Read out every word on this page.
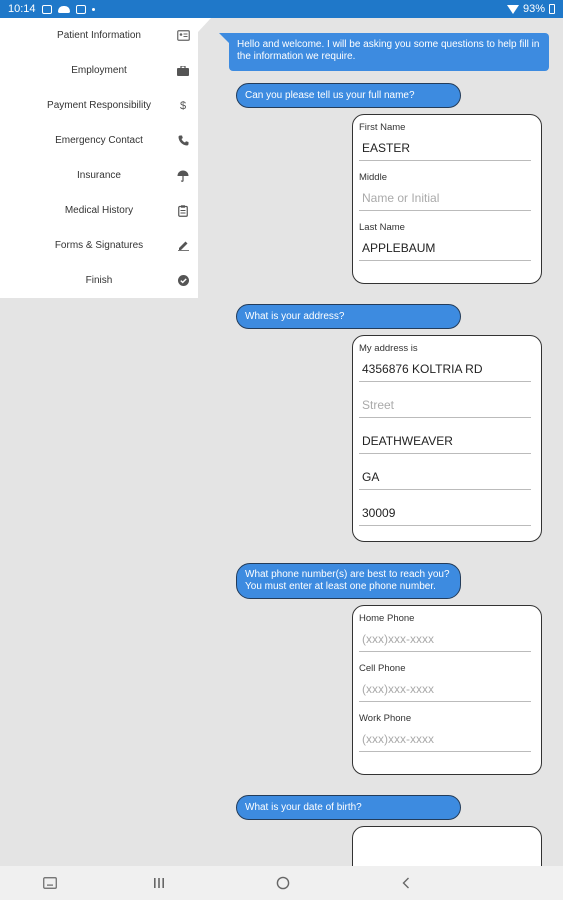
10:14	93%
Hello and welcome. I will be asking you some questions to help fill in the information we require.
Can you please tell us your full name?
First Name
EASTER
Middle
Name or Initial
Last Name
APPLEBAUM
What is your address?
My address is
4356876 KOLTRIA RD
Street
DEATHWEAVER
GA
30009
What phone number(s) are best to reach you? You must enter at least one phone number.
Home Phone
(xxx)xxx-xxxx
Cell Phone
(xxx)xxx-xxxx
Work Phone
(xxx)xxx-xxxx
What is your date of birth?
Patient Information
Employment
Payment Responsibility	$
Emergency Contact
Insurance
Medical History
Forms & Signatures
Finish
